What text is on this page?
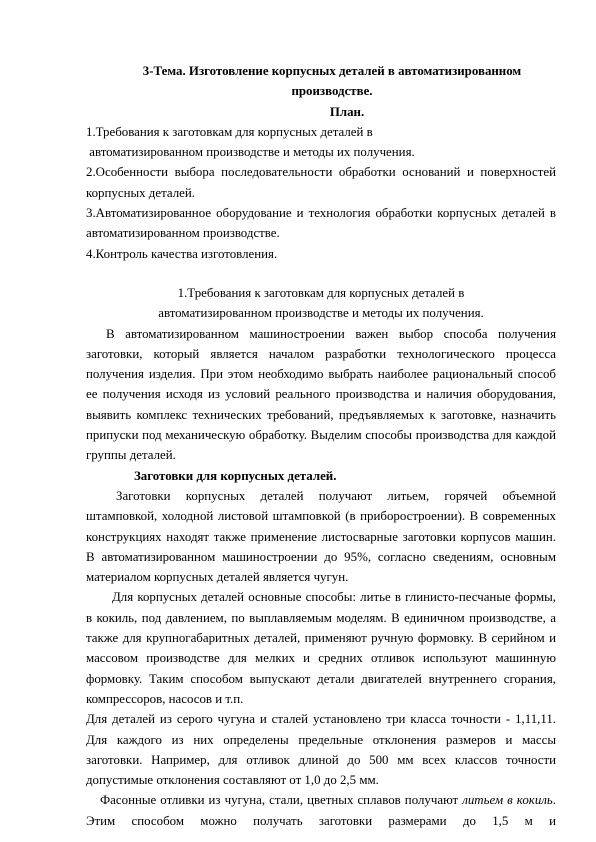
3-Тема. Изготовление корпусных деталей в автоматизированном
производстве.
План.
1.Требования к заготовкам для корпусных деталей в
автоматизированном производстве и методы их получения.
2.Особенности выбора последовательности обработки оснований и поверхностей корпусных деталей.
3.Автоматизированное оборудование и технология обработки корпусных деталей в автоматизированном производстве.
4.Контроль качества изготовления.
1.Требования к заготовкам для корпусных деталей в
автоматизированном производстве и методы их получения.
В автоматизированном машиностроении важен выбор способа получения заготовки, который является началом разработки технологического процесса получения изделия. При этом необходимо выбрать наиболее рациональный способ ее получения исходя из условий реального производства и наличия оборудования, выявить комплекс технических требований, предъявляемых к заготовке, назначить припуски под механическую обработку. Выделим способы производства для каждой группы деталей.
Заготовки для корпусных деталей.
Заготовки корпусных деталей получают литьем, горячей объемной штамповкой, холодной листовой штамповкой (в приборостроении). В современных конструкциях находят также применение листосварные заготовки корпусов машин. В автоматизированном машиностроении до 95%, согласно сведениям, основным материалом корпусных деталей является чугун.
Для корпусных деталей основные способы: литье в глинисто-песчаные формы, в кокиль, под давлением, по выплавляемым моделям. В единичном производстве, а также для крупногабаритных деталей, применяют ручную формовку. В серийном и массовом производстве для мелких и средних отливок используют машинную формовку. Таким способом выпускают детали двигателей внутреннего сгорания, компрессоров, насосов и т.п.
Для деталей из серого чугуна и сталей установлено три класса точности - 1,11,11. Для каждого из них определены предельные отклонения размеров и массы заготовки. Например, для отливок длиной до 500 мм всех классов точности допустимые отклонения составляют от 1,0 до 2,5 мм.
Фасонные отливки из чугуна, стали, цветных сплавов получают литьем в кокиль. Этим способом можно получать заготовки размерами до 1,5 м и
